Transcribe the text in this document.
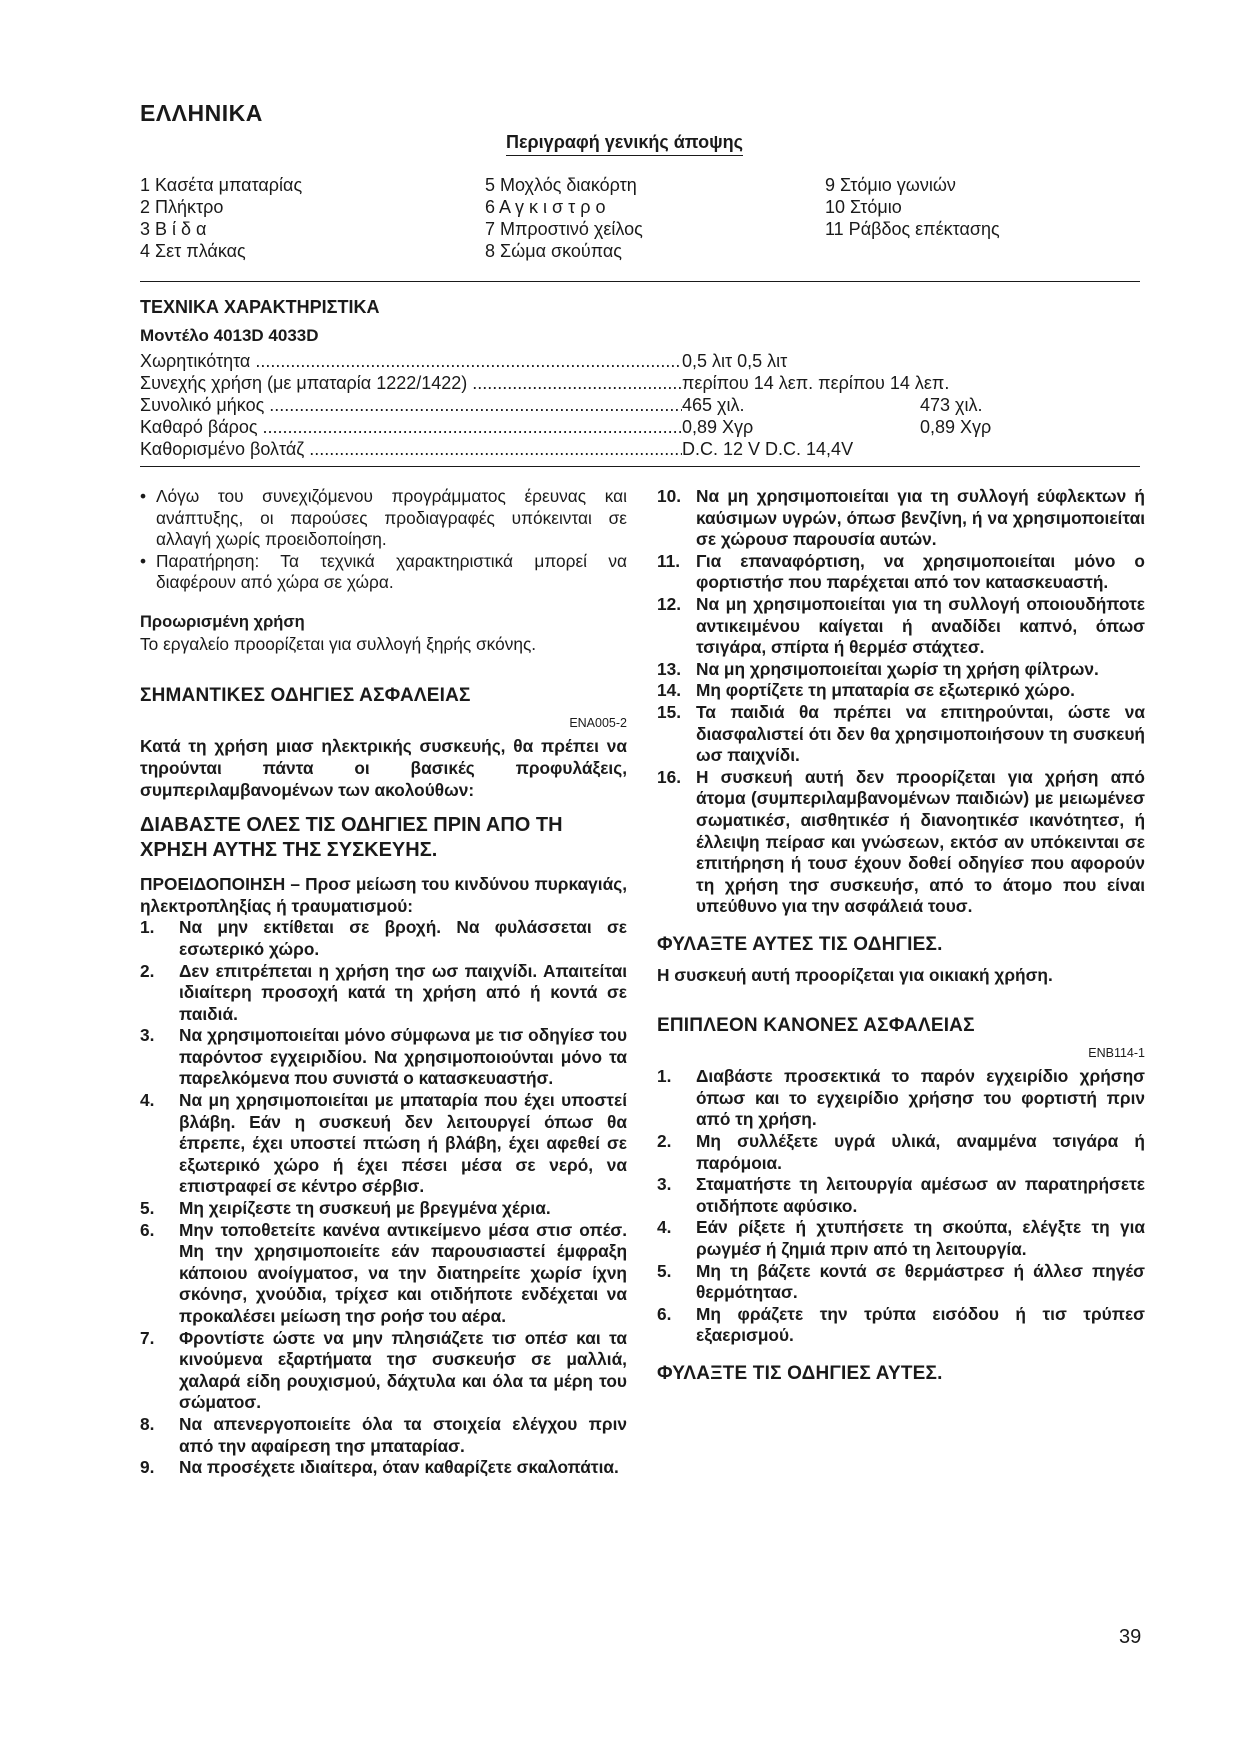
ΕΛΛΗΝΙΚΑ
Περιγραφή γενικής άποψης
1 Κασέτα μπαταρίας
2 Πλήκτρο
3 Β ί δ α
4 Σετ πλάκας
5 Μοχλός διακόρτη
6 Α γ κ ι σ τ ρ ο
7 Μπροστινό χείλος
8 Σώμα σκούπας
9 Στόμιο γωνιών
10 Στόμιο
11 Ράβδος επέκτασης
ΤΕΧΝΙΚΑ ΧΑΡΑΚΤΗΡΙΣΤΙΚΑ
Μοντέλο 4013D 4033D
Χωρητικότητα .....	0,5 λιτ 0,5 λιτ
Συνεχής χρήση (με μπαταρία 1222/1422) .....	περίπου 14 λεπ. περίπου 14 λεπ.
Συνολικό μήκος .....	465 χιλ.	473 χιλ.
Καθαρό βάρος .....	0,89 Χγρ	0,89 Χγρ
Καθορισμένο βολτάζ .....	D.C. 12 V D.C. 14,4V
• Λόγω του συνεχιζόμενου προγράμματος έρευνας και ανάπτυξης, οι παρούσες προδιαγραφές υπόκεινται σε αλλαγή χωρίς προειδοποίηση.
• Παρατήρηση: Τα τεχνικά χαρακτηριστικά μπορεί να διαφέρουν από χώρα σε χώρα.
Προωρισμένη χρήση
Το εργαλείο προορίζεται για συλλογή ξηρής σκόνης.
ΣΗΜΑΝΤΙΚΕΣ ΟΔΗΓΙΕΣ ΑΣΦΑΛΕΙΑΣ
ENA005-2
Κατά τη χρήση μιασ ηλεκτρικής συσκευής, θα πρέπει να τηρούνται πάντα οι βασικές προφυλάξεις, συμπεριλαμβανομένων των ακολούθων:
ΔΙΑΒΑΣΤΕ ΟΛΕΣ ΤΙΣ ΟΔΗΓΙΕΣ ΠΡΙΝ ΑΠΟ ΤΗ ΧΡΗΣΗ ΑΥΤΗΣ ΤΗΣ ΣΥΣΚΕΥΗΣ.
ΠΡΟΕΙΔΟΠΟΙΗΣΗ – Προσ μείωση του κινδύνου πυρκαγιάς, ηλεκτροπληξίας ή τραυματισμού:
1. Να μην εκτίθεται σε βροχή. Να φυλάσσεται σε εσωτερικό χώρο.
2. Δεν επιτρέπεται η χρήση τησ ωσ παιχνίδι. Απαιτείται ιδιαίτερη προσοχή κατά τη χρήση από ή κοντά σε παιδιά.
3. Να χρησιμοποιείται μόνο σύμφωνα με τισ οδηγίεσ του παρόντοσ εγχειριδίου. Να χρησιμοποιούνται μόνο τα παρελκόμενα που συνιστά ο κατασκευαστήσ.
4. Να μη χρησιμοποιείται με μπαταρία που έχει υποστεί βλάβη. Εάν η συσκευή δεν λειτουργεί όπωσ θα έπρεπε, έχει υποστεί πτώση ή βλάβη, έχει αφεθεί σε εξωτερικό χώρο ή έχει πέσει μέσα σε νερό, να επιστραφεί σε κέντρο σέρβισ.
5. Μη χειρίζεστε τη συσκευή με βρεγμένα χέρια.
6. Μην τοποθετείτε κανένα αντικείμενο μέσα στισ οπέσ. Μη την χρησιμοποιείτε εάν παρουσιαστεί έμφραξη κάποιου ανοίγματοσ, να την διατηρείτε χωρίσ ίχνη σκόνησ, χνούδια, τρίχεσ και οτιδήποτε ενδέχεται να προκαλέσει μείωση τησ ροήσ του αέρα.
7. Φροντίστε ώστε να μην πλησιάζετε τισ οπέσ και τα κινούμενα εξαρτήματα τησ συσκευήσ σε μαλλιά, χαλαρά είδη ρουχισμού, δάχτυλα και όλα τα μέρη του σώματοσ.
8. Να απενεργοποιείτε όλα τα στοιχεία ελέγχου πριν από την αφαίρεση τησ μπαταρίασ.
9. Να προσέχετε ιδιαίτερα, όταν καθαρίζετε σκαλοπάτια.
10. Να μη χρησιμοποιείται για τη συλλογή εύφλεκτων ή καύσιμων υγρών, όπωσ βενζίνη, ή να χρησιμοποιείται σε χώρουσ παρουσία αυτών.
11. Για επαναφόρτιση, να χρησιμοποιείται μόνο ο φορτιστήσ που παρέχεται από τον κατασκευαστή.
12. Να μη χρησιμοποιείται για τη συλλογή οποιουδήποτε αντικειμένου καίγεται ή αναδίδει καπνό, όπωσ τσιγάρα, σπίρτα ή θερμέσ στάχτεσ.
13. Να μη χρησιμοποιείται χωρίσ τη χρήση φίλτρων.
14. Μη φορτίζετε τη μπαταρία σε εξωτερικό χώρο.
15. Τα παιδιά θα πρέπει να επιτηρούνται, ώστε να διασφαλιστεί ότι δεν θα χρησιμοποιήσουν τη συσκευή ωσ παιχνίδι.
16. Η συσκευή αυτή δεν προορίζεται για χρήση από άτομα (συμπεριλαμβανομένων παιδιών) με μειωμένεσ σωματικέσ, αισθητικέσ ή διανοητικέσ ικανότητεσ, ή έλλειψη πείρασ και γνώσεων, εκτόσ αν υπόκεινται σε επιτήρηση ή τουσ έχουν δοθεί οδηγίεσ που αφορούν τη χρήση τησ συσκευήσ, από το άτομο που είναι υπεύθυνο για την ασφάλειά τουσ.
ΦΥΛΑΞΤΕ ΑΥΤΕΣ ΤΙΣ ΟΔΗΓΙΕΣ.
Η συσκευή αυτή προορίζεται για οικιακή χρήση.
ΕΠΙΠΛΕΟΝ ΚΑΝΟΝΕΣ ΑΣΦΑΛΕΙΑΣ
ENB114-1
1. Διαβάστε προσεκτικά το παρόν εγχειρίδιο χρήσησ όπωσ και το εγχειρίδιο χρήσησ του φορτιστή πριν από τη χρήση.
2. Μη συλλέξετε υγρά υλικά, αναμμένα τσιγάρα ή παρόμοια.
3. Σταματήστε τη λειτουργία αμέσωσ αν παρατηρήσετε οτιδήποτε αφύσικο.
4. Εάν ρίξετε ή χτυπήσετε τη σκούπα, ελέγξτε τη για ρωγμέσ ή ζημιά πριν από τη λειτουργία.
5. Μη τη βάζετε κοντά σε θερμάστρεσ ή άλλεσ πηγέσ θερμότητασ.
6. Μη φράζετε την τρύπα εισόδου ή τισ τρύπεσ εξαερισμού.
ΦΥΛΑΞΤΕ ΤΙΣ ΟΔΗΓΙΕΣ ΑΥΤΕΣ.
39
